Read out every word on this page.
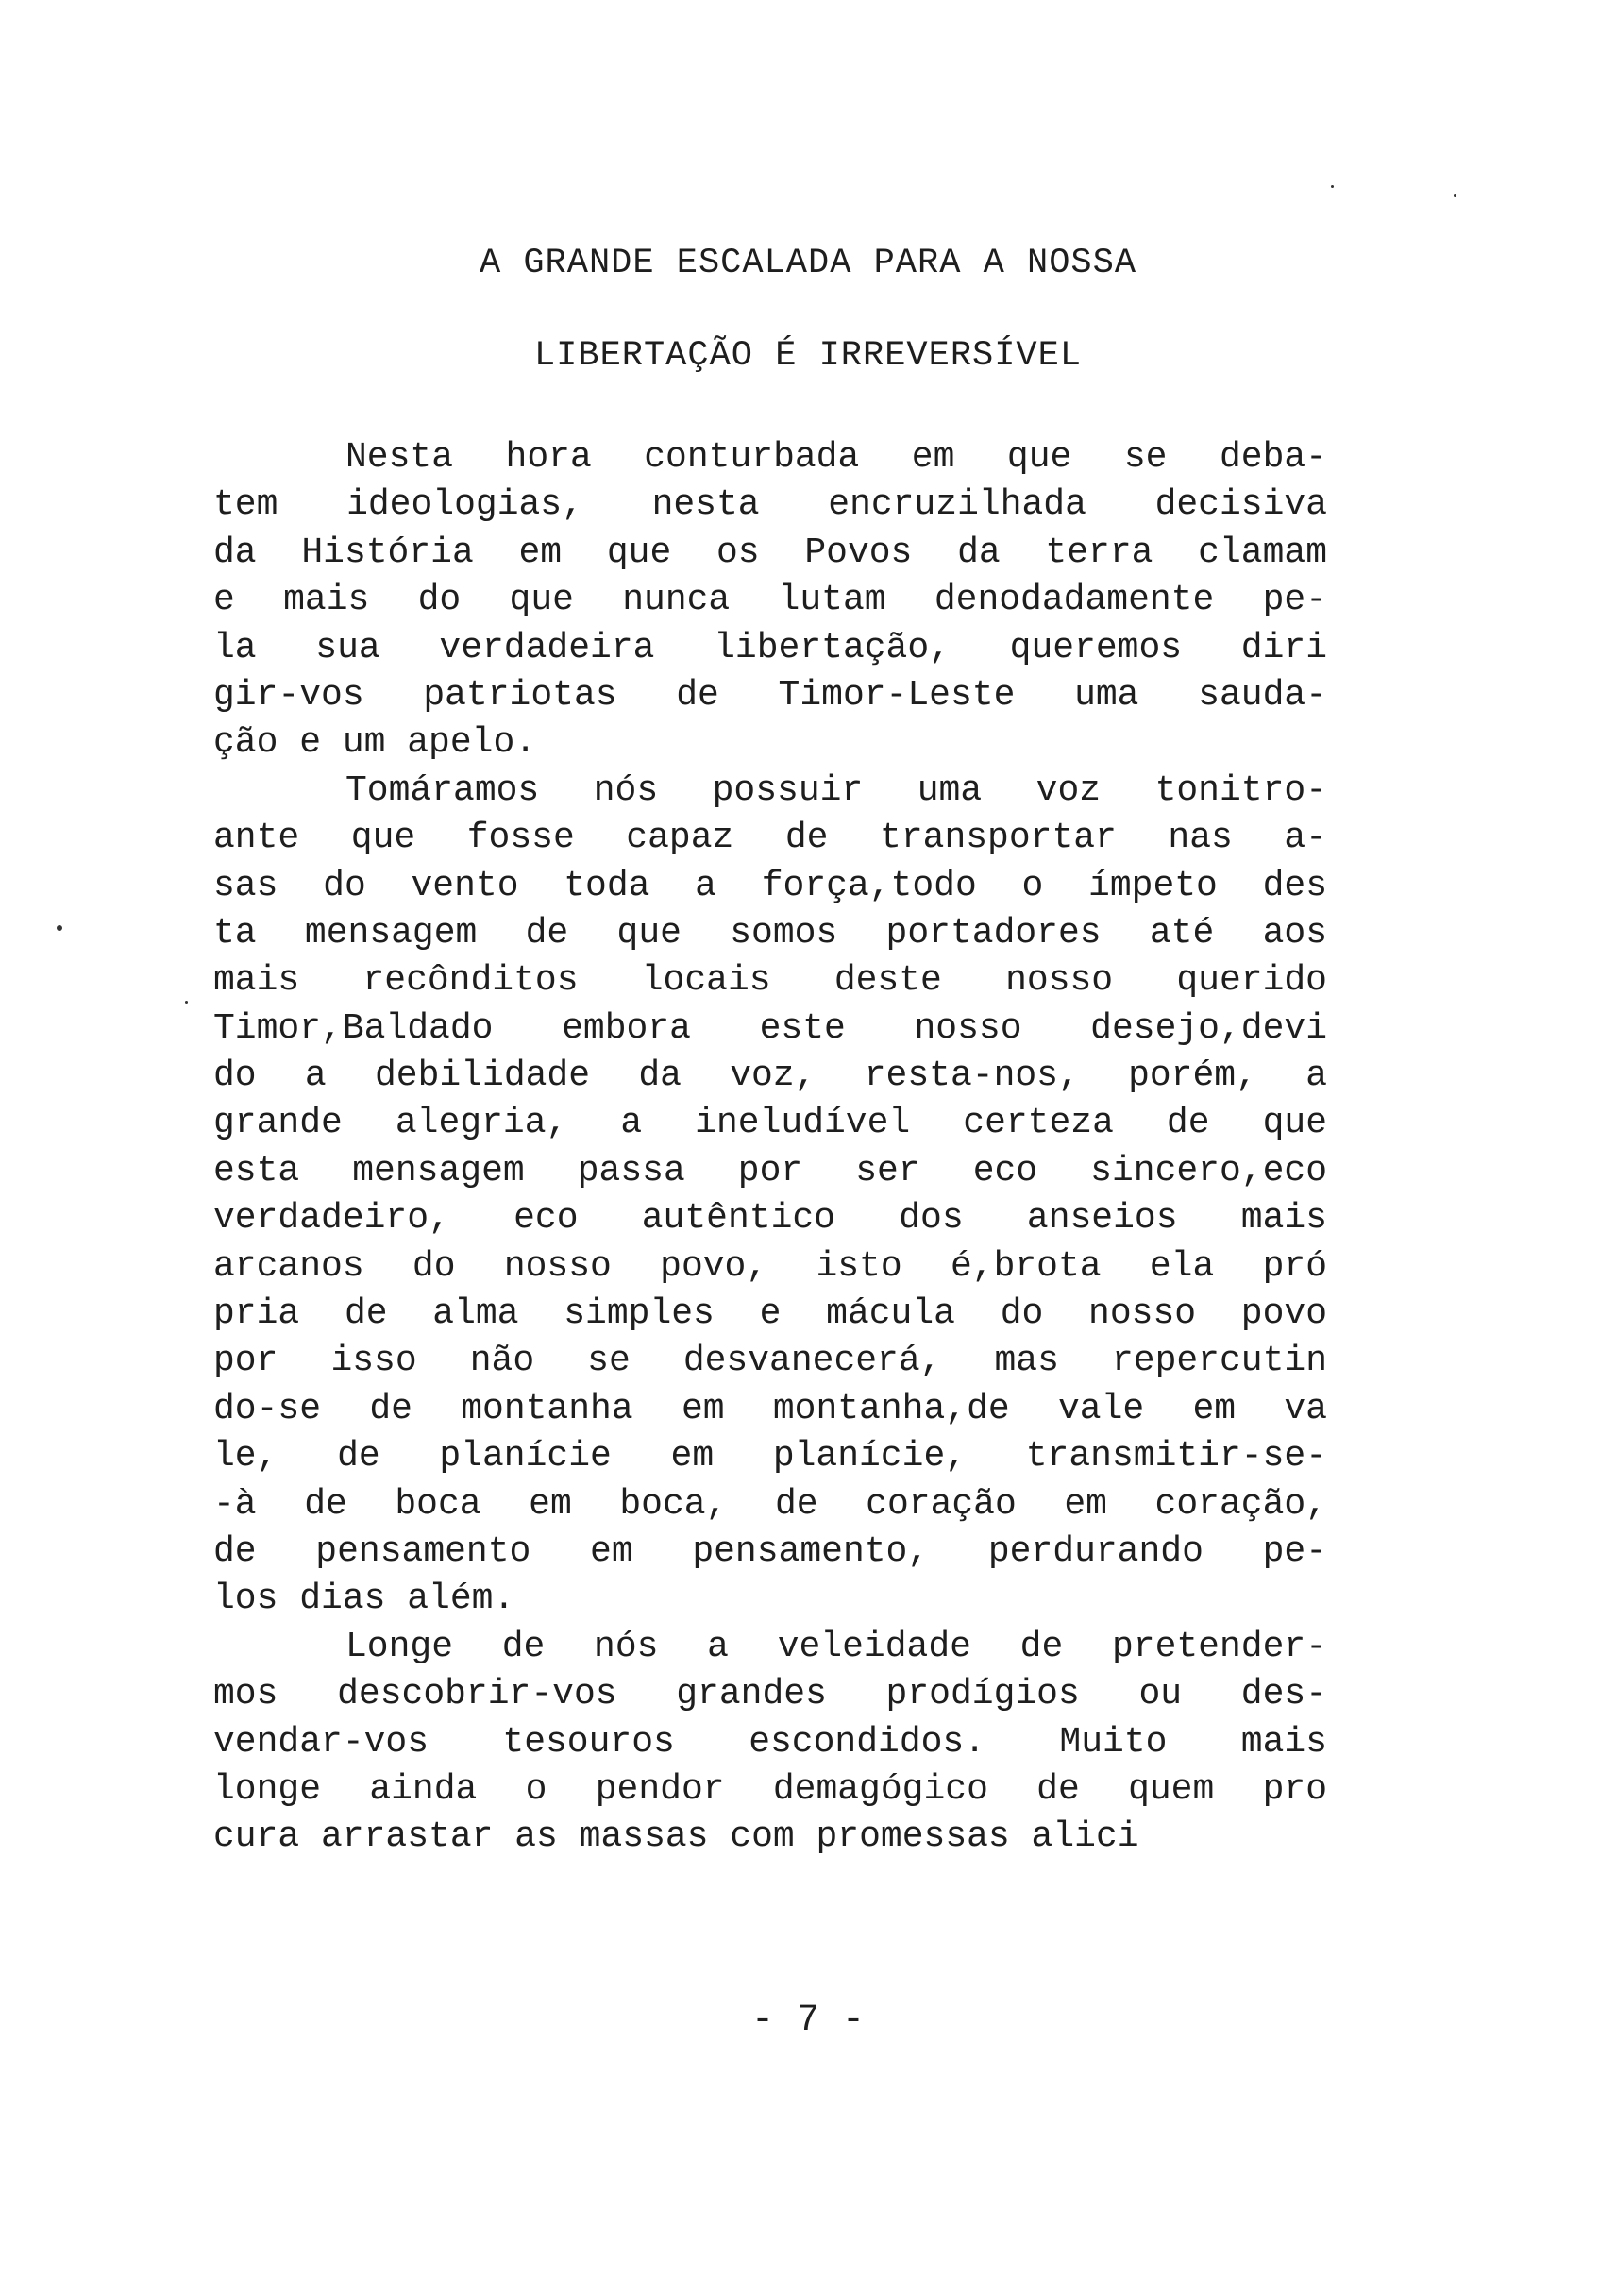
A GRANDE ESCALADA PARA A NOSSA
LIBERTAÇÃO É IRREVERSÍVEL
Nesta hora conturbada em que se deba-
tem ideologias, nesta encruzilhada decisiva
da História em que os Povos da terra clamam
e mais do que nunca lutam denodadamente pe-
la sua verdadeira libertação, queremos diri
gir-vos patriotas de Timor-Leste uma sauda-
ção e um apelo.
Tomáramos nós possuir uma voz tonitro-
ante que fosse capaz de transportar nas a-
sas do vento toda a força,todo o ímpeto des
ta mensagem de que somos portadores até aos
mais recônditos locais deste nosso querido
Timor,Baldado embora este nosso desejo,devi
do a debilidade da voz, resta-nos, porém, a
grande alegria, a ineludível certeza de que
esta mensagem passa por ser eco sincero,eco
verdadeiro, eco autêntico dos anseios mais
arcanos do nosso povo, isto é,brota ela pró
pria de alma simples e mácula do nosso povo
por isso não se desvanecerá, mas repercutin
do-se de montanha em montanha,de vale em va
le, de planície em planície, transmitir-se-
-à de boca em boca, de coração em coração,
de pensamento em pensamento, perdurando pe-
los dias além.
Longe de nós a veleidade de pretender-
mos descobrir-vos grandes prodígios ou des-
vendar-vos tesouros escondidos. Muito mais
longe ainda o pendor demagógico de quem pro
cura arrastar as massas com promessas alici
- 7 -
